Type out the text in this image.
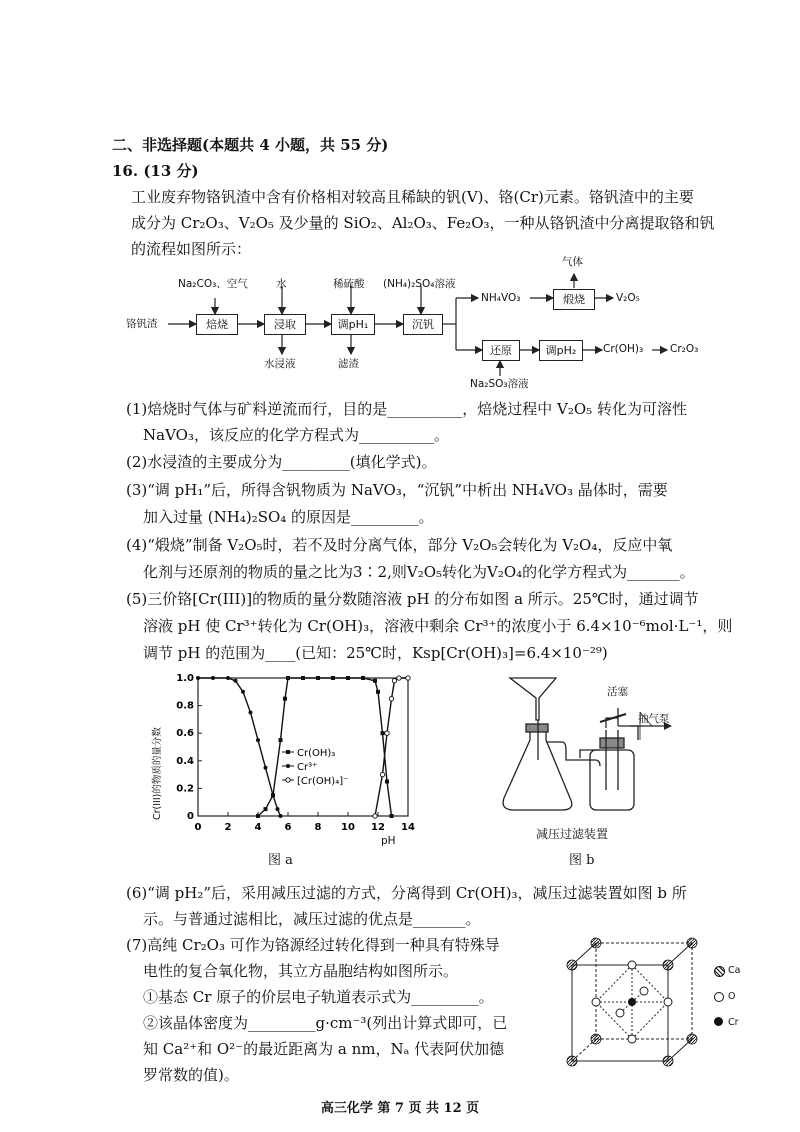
二、非选择题(本题共 4 小题，共 55 分)
16. (13 分)
工业废弃物铬钒渣中含有价格相对较高且稀缺的钒(V)、铬(Cr)元素。铬钒渣中的主要
成分为 Cr₂O₃、V₂O₅ 及少量的 SiO₂、Al₂O₃、Fe₂O₃，一种从铬钒渣中分离提取铬和钒
的流程如图所示：
铬钒渣	焙烧	浸取	调pH₁	沉钒
煅烧
还原	调pH₂
Na₂CO₃、空气	水	稀硫酸 (NH₄)₂SO₄溶液
Na₂SO₃溶液
水浸液	滤渣
气体
NH₄VO₃	V₂O₅
Cr(OH)₃	Cr₂O₃
(1)焙烧时气体与矿料逆流而行，目的是__________，焙烧过程中 V₂O₅ 转化为可溶性
NaVO₃，该反应的化学方程式为__________。
(2)水浸渣的主要成分为_________(填化学式)。
(3)“调 pH₁”后，所得含钒物质为 NaVO₃，“沉钒”中析出 NH₄VO₃ 晶体时，需要
加入过量 (NH₄)₂SO₄ 的原因是_________。
(4)“煅烧”制备 V₂O₅时，若不及时分离气体，部分 V₂O₅会转化为 V₂O₄，反应中氧
化剂与还原剂的物质的量之比为3∶2,则V₂O₅转化为V₂O₄的化学方程式为_______。
(5)三价铬[Cr(III)]的物质的量分数随溶液 pH 的分布如图 a 所示。25℃时，通过调节
溶液 pH 使 Cr³⁺转化为 Cr(OH)₃，溶液中剩余 Cr³⁺的浓度小于 6.4×10⁻⁶mol·L⁻¹，则
调节 pH 的范围为____(已知：25℃时，Ksp[Cr(OH)₃]=6.4×10⁻²⁹)
Cr(III)的物质的量分数
0 2 4 6 8 10 12 14
0
0.2
0.4
0.6
0.8
1.0
Cr(OH)₃
Cr³⁺
[Cr(OH)₄]⁻
pH
图 a
活塞
抽气泵
减压过滤装置
图 b
(6)“调 pH₂”后，采用减压过滤的方式，分离得到 Cr(OH)₃，减压过滤装置如图 b 所
示。与普通过滤相比，减压过滤的优点是_______。
(7)高纯 Cr₂O₃ 可作为铬源经过转化得到一种具有特殊导
电性的复合氧化物，其立方晶胞结构如图所示。
①基态 Cr 原子的价层电子轨道表示式为_________。
②该晶体密度为_________g·cm⁻³(列出计算式即可，已
知 Ca²⁺和 O²⁻的最近距离为 a nm，Nₐ 代表阿伏加德
罗常数的值)。
Ca
O
Cr
高三化学 第 7 页 共 12 页
